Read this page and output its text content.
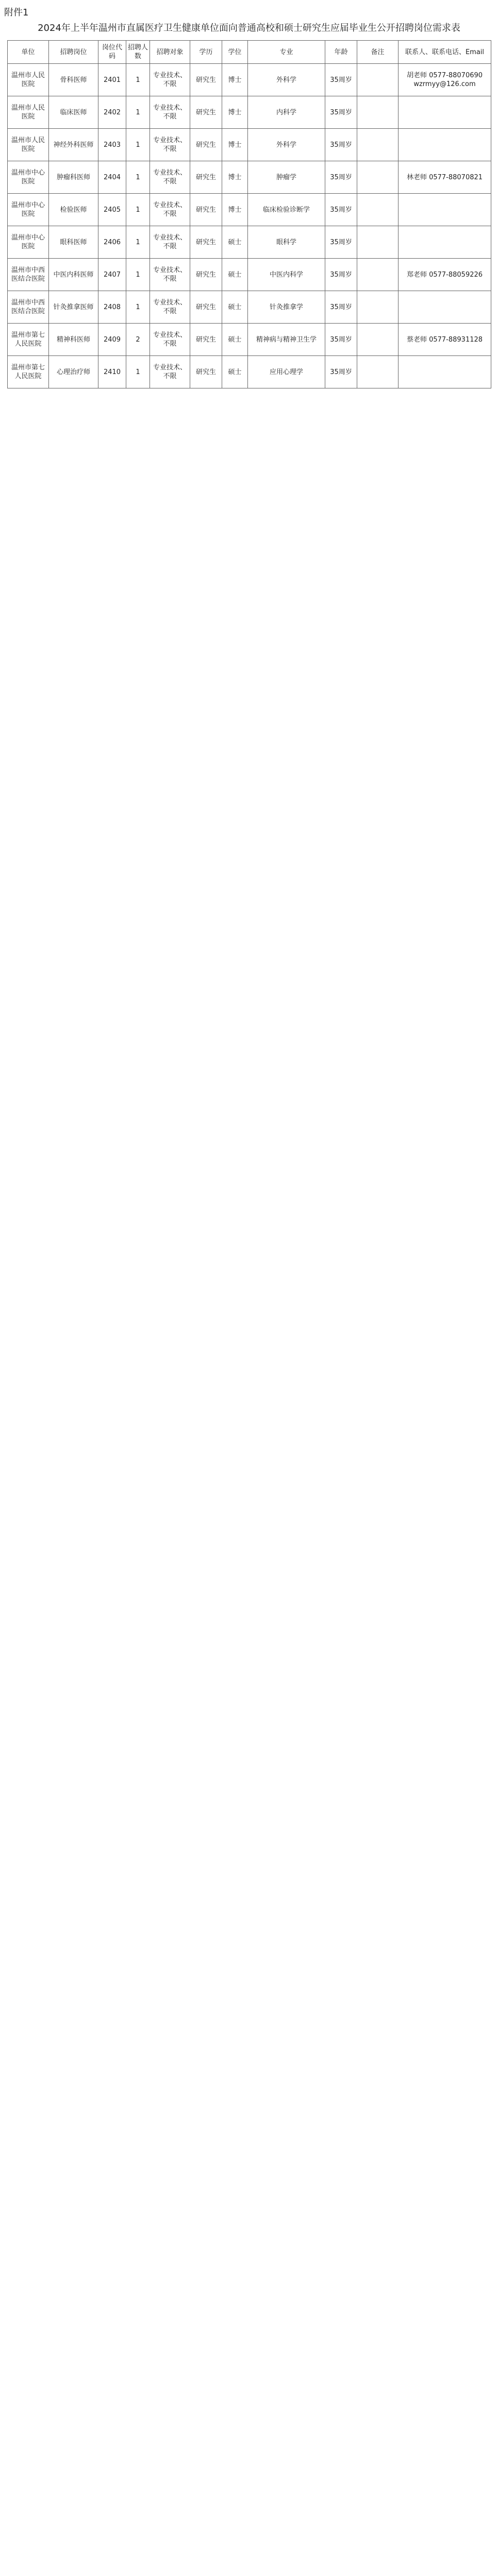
附件1
2024年上半年温州市直属医疗卫生健康单位面向普通高校和硕士研究生应届毕业生公开招聘岗位需求表
单位	招聘岗位	岗位代码	招聘人数	招聘对象	学历	学位	专业	年龄	备注	联系人、联系电话、Email
温州市人民医院	骨科医师	2401	1	专业技术、不限	研究生	博士	外科学	35周岁		胡老师 0577-88070690 wzrmyy@126.com
温州市人民医院	临床医师	2402	1	专业技术、不限	研究生	博士	内科学	35周岁		
温州市人民医院	神经外科医师	2403	1	专业技术、不限	研究生	博士	外科学	35周岁		
温州市中心医院	肿瘤科医师	2404	1	专业技术、不限	研究生	博士	肿瘤学	35周岁		林老师 0577-88070821
温州市中心医院	检验医师	2405	1	专业技术、不限	研究生	博士	临床检验诊断学	35周岁		
温州市中心医院	眼科医师	2406	1	专业技术、不限	研究生	硕士	眼科学	35周岁		
温州市中西医结合医院	中医内科医师	2407	1	专业技术、不限	研究生	硕士	中医内科学	35周岁		郑老师 0577-88059226
温州市中西医结合医院	针灸推拿医师	2408	1	专业技术、不限	研究生	硕士	针灸推拿学	35周岁		
温州市第七人民医院	精神科医师	2409	2	专业技术、不限	研究生	硕士	精神病与精神卫生学	35周岁		蔡老师 0577-88931128
温州市第七人民医院	心理治疗师	2410	1	专业技术、不限	研究生	硕士	应用心理学	35周岁		
